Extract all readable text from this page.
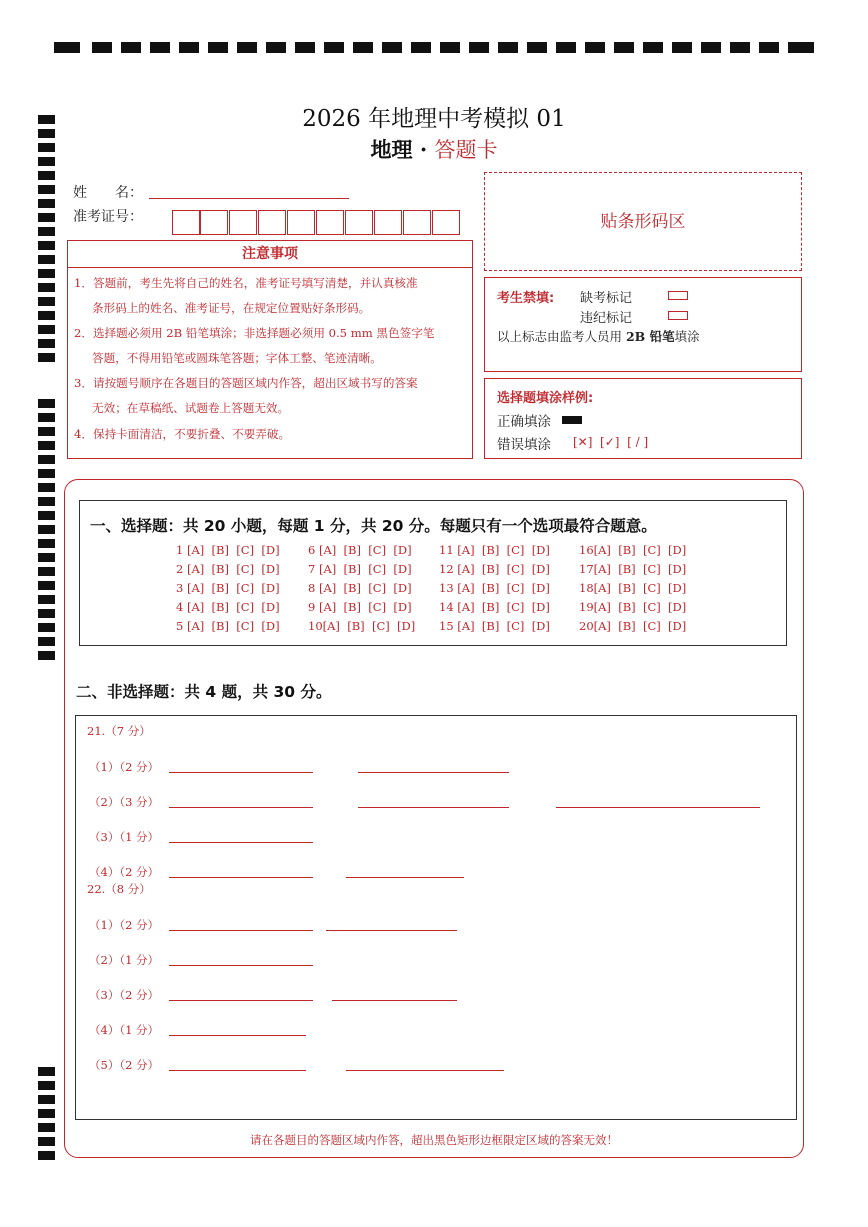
2026 年地理中考模拟 01
地理 · 答题卡
姓　　名：
准考证号：	贴条形码区
注意事项
1．答题前，考生先将自己的姓名，准考证号填写清楚，并认真核准
条形码上的姓名、准考证号，在规定位置贴好条形码。
2．选择题必须用 2B 铅笔填涂；非选择题必须用 0.5 mm 黑色签字笔
答题，不得用铅笔或圆珠笔答题；字体工整、笔迹清晰。
3．请按题号顺序在各题目的答题区域内作答，超出区域书写的答案
无效；在草稿纸、试题卷上答题无效。
4．保持卡面清洁，不要折叠、不要弄破。
考生禁填: 缺考标记
违纪标记
以上标志由监考人员用 2B 铅笔填涂
选择题填涂样例:
正确填涂
错误填涂 [✕]  [✓]  [ / ]
一、选择题：共 20 小题，每题 1 分，共 20 分。每题只有一个选项最符合题意。
1 [A]  [B]  [C]  [D]
2 [A]  [B]  [C]  [D]
3 [A]  [B]  [C]  [D]
4 [A]  [B]  [C]  [D]
5 [A]  [B]  [C]  [D]
6 [A]  [B]  [C]  [D]
7 [A]  [B]  [C]  [D]
8 [A]  [B]  [C]  [D]
9 [A]  [B]  [C]  [D]
10[A]  [B]  [C]  [D]
11 [A]  [B]  [C]  [D]
12 [A]  [B]  [C]  [D]
13 [A]  [B]  [C]  [D]
14 [A]  [B]  [C]  [D]
15 [A]  [B]  [C]  [D]
16[A]  [B]  [C]  [D]
17[A]  [B]  [C]  [D]
18[A]  [B]  [C]  [D]
19[A]  [B]  [C]  [D]
20[A]  [B]  [C]  [D]
二、非选择题：共 4 题，共 30 分。
21.（7 分）
（1）（2 分）
（2）（3 分）
（3）（1 分）
（4）（2 分）
22.（8 分）
（1）（2 分）
（2）（1 分）
（3）（2 分）
（4）（1 分）
（5）（2 分）
请在各题目的答题区域内作答，超出黑色矩形边框限定区域的答案无效！
